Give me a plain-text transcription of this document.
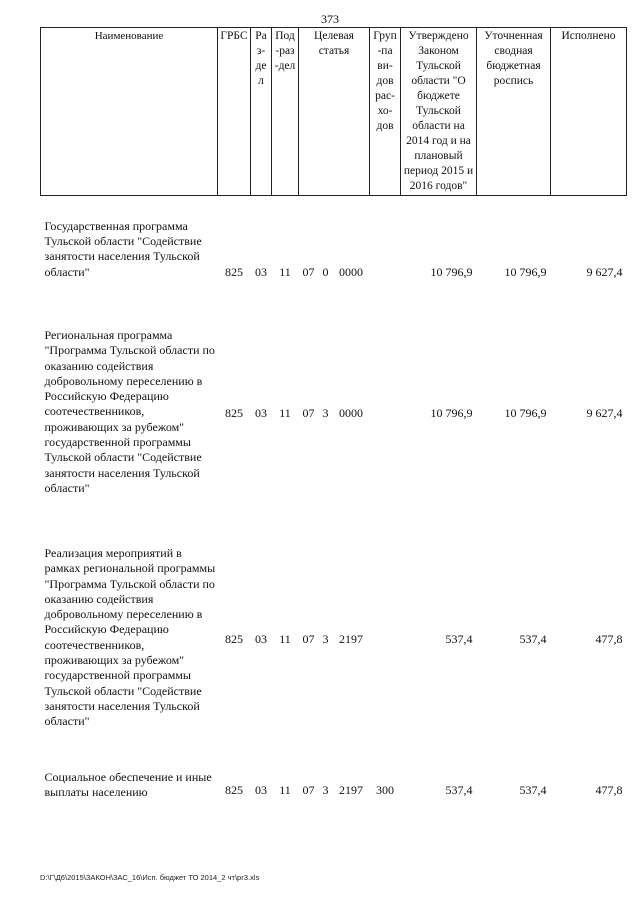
373
Наименование	ГРБС	Раз-дел	Под-раз-дел	Целевая статья			Груп-па ви-дов рас-хо-дов	Утверждено Законом Тульской области "О бюджете Тульской области на 2014 год и на плановый период 2015 и 2016 годов"	Уточненная сводная бюджетная роспись	Исполнено

Государственная программа Тульской области "Содействие занятости населения Тульской области"	825	03	11	07	0	0000		10 796,9	10 796,9	9 627,4

Региональная программа "Программа Тульской области по оказанию содействия добровольному переселению в Российскую Федерацию соотечественников, проживающих за рубежом" государственной программы Тульской области "Содействие занятости населения Тульской области"	825	03	11	07	3	0000		10 796,9	10 796,9	9 627,4

Реализация мероприятий в рамках региональной программы "Программа Тульской области по оказанию содействия добровольному переселению в Российскую Федерацию соотечественников, проживающих за рубежом" государственной программы Тульской области "Содействие занятости населения Тульской области"	825	03	11	07	3	2197		537,4	537,4	477,8

Социальное обеспечение и иные выплаты населению	825	03	11	07	3	2197	300	537,4	537,4	477,8
D:\Г\Д6\2015\ЗАКОН\ЗАС_16\Исп. бюджет ТО 2014_2 чт\рг3.xls
